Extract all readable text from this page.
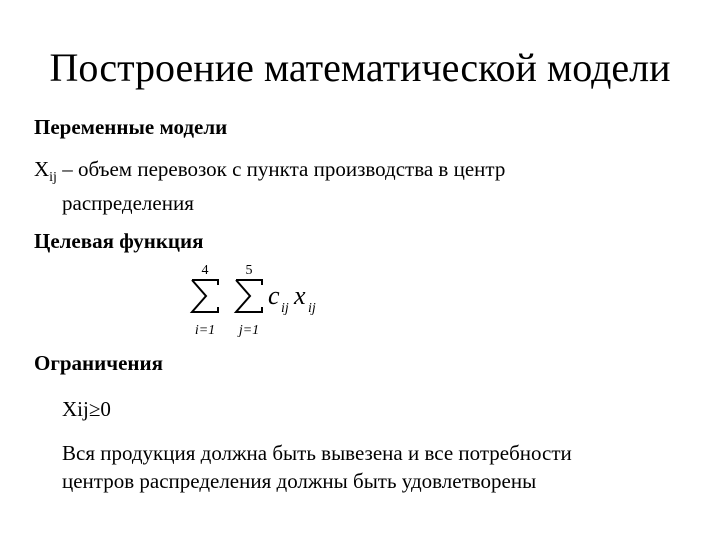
Построение математической модели
Переменные модели
$X_{ij}$ – объем перевозок с пункта производства в центр
распределения
Целевая функция
4
i=1
5
j=1
c ij x ij
Ограничения
Xij≥0
Вся продукция должна быть вывезена и все потребности
центров распределения должны быть удовлетворены
